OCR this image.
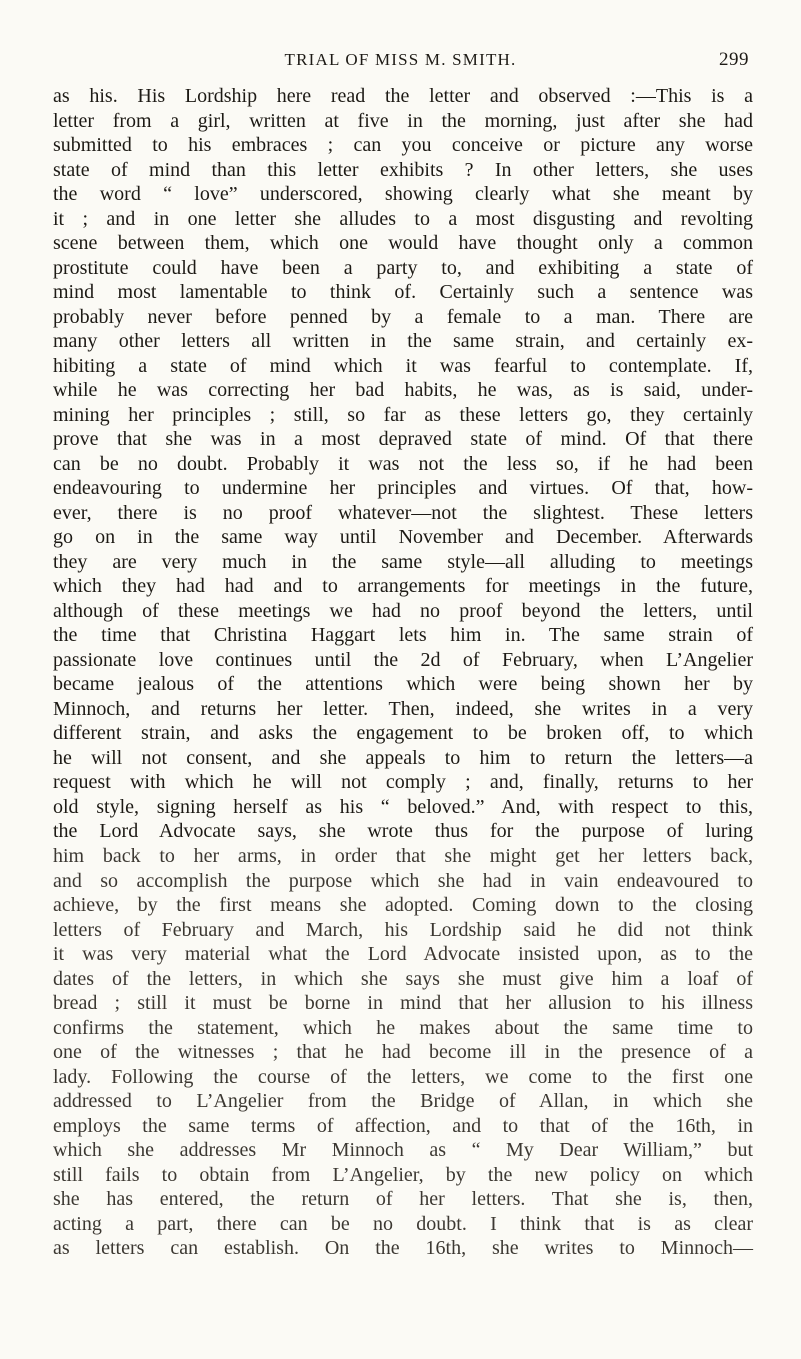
TRIAL OF MISS M. SMITH.	299
as his. His Lordship here read the letter and observed :—This is a
letter from a girl, written at five in the morning, just after she had
submitted to his embraces ; can you conceive or picture any worse
state of mind than this letter exhibits ? In other letters, she uses
the word “ love” underscored, showing clearly what she meant by
it ; and in one letter she alludes to a most disgusting and revolting
scene between them, which one would have thought only a common
prostitute could have been a party to, and exhibiting a state of
mind most lamentable to think of. Certainly such a sentence was
probably never before penned by a female to a man. There are
many other letters all written in the same strain, and certainly ex-
hibiting a state of mind which it was fearful to contemplate. If,
while he was correcting her bad habits, he was, as is said, under-
mining her principles ; still, so far as these letters go, they certainly
prove that she was in a most depraved state of mind. Of that there
can be no doubt. Probably it was not the less so, if he had been
endeavouring to undermine her principles and virtues. Of that, how-
ever, there is no proof whatever—not the slightest. These letters
go on in the same way until November and December. Afterwards
they are very much in the same style—all alluding to meetings
which they had had and to arrangements for meetings in the future,
although of these meetings we had no proof beyond the letters, until
the time that Christina Haggart lets him in. The same strain of
passionate love continues until the 2d of February, when L’Angelier
became jealous of the attentions which were being shown her by
Minnoch, and returns her letter. Then, indeed, she writes in a very
different strain, and asks the engagement to be broken off, to which
he will not consent, and she appeals to him to return the letters—a
request with which he will not comply ; and, finally, returns to her
old style, signing herself as his “ beloved.” And, with respect to this,
the Lord Advocate says, she wrote thus for the purpose of luring
him back to her arms, in order that she might get her letters back,
and so accomplish the purpose which she had in vain endeavoured to
achieve, by the first means she adopted. Coming down to the closing
letters of February and March, his Lordship said he did not think
it was very material what the Lord Advocate insisted upon, as to the
dates of the letters, in which she says she must give him a loaf of
bread ; still it must be borne in mind that her allusion to his illness
confirms the statement, which he makes about the same time to
one of the witnesses ; that he had become ill in the presence of a
lady. Following the course of the letters, we come to the first one
addressed to L’Angelier from the Bridge of Allan, in which she
employs the same terms of affection, and to that of the 16th, in
which she addresses Mr Minnoch as “ My Dear William,” but
still fails to obtain from L’Angelier, by the new policy on which
she has entered, the return of her letters. That she is, then,
acting a part, there can be no doubt. I think that is as clear
as letters can establish. On the 16th, she writes to Minnoch—
